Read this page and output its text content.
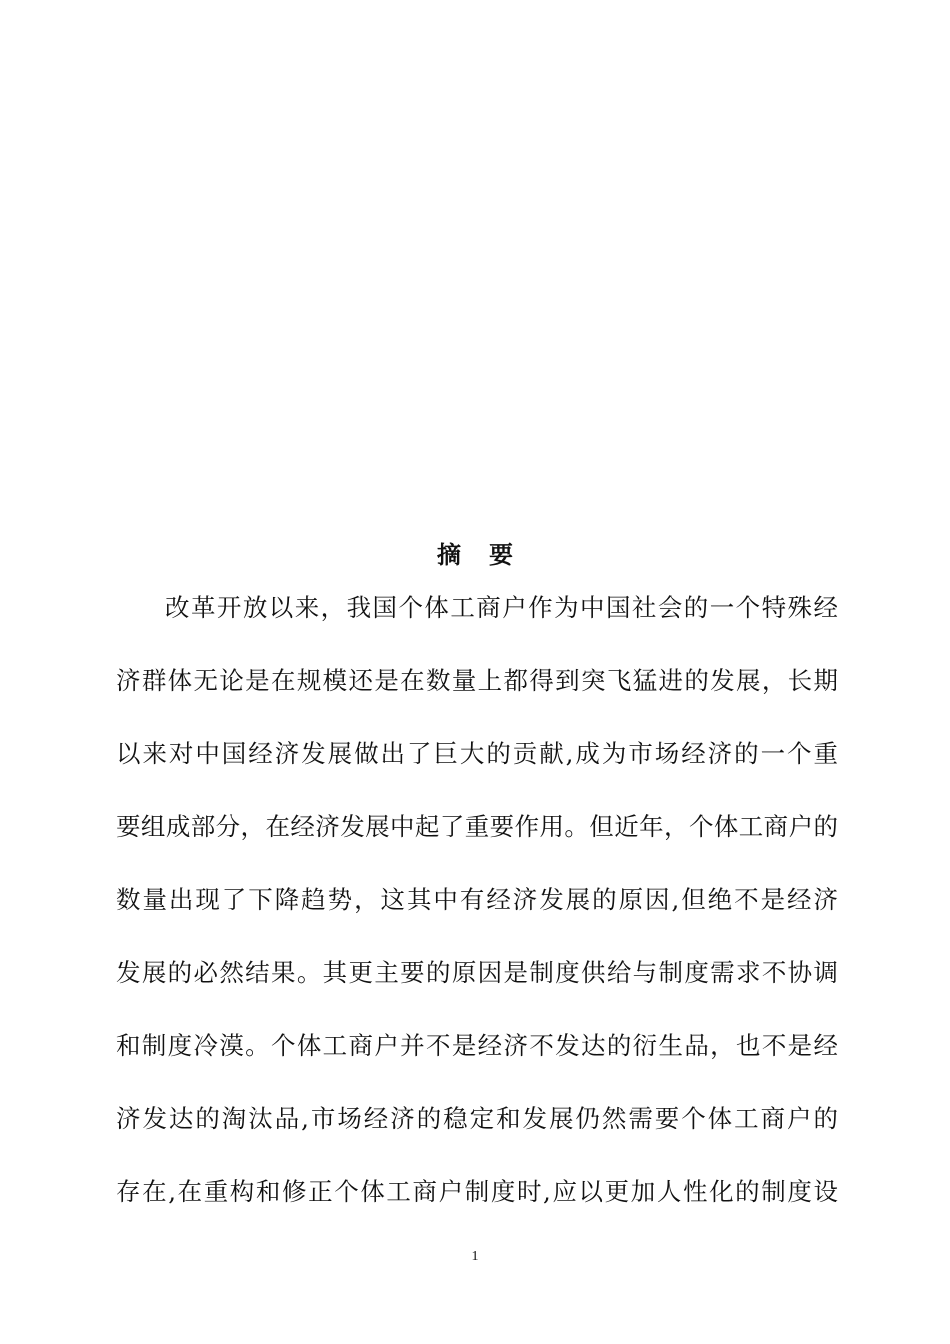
摘要
改革开放以来，我国个体工商户作为中国社会的一个特殊经
济群体无论是在规模还是在数量上都得到突飞猛进的发展，长期
以来对中国经济发展做出了巨大的贡献,成为市场经济的一个重
要组成部分，在经济发展中起了重要作用。但近年，个体工商户的
数量出现了下降趋势，这其中有经济发展的原因,但绝不是经济
发展的必然结果。其更主要的原因是制度供给与制度需求不协调
和制度冷漠。个体工商户并不是经济不发达的衍生品，也不是经
济发达的淘汰品,市场经济的稳定和发展仍然需要个体工商户的
存在,在重构和修正个体工商户制度时,应以更加人性化的制度设
1
